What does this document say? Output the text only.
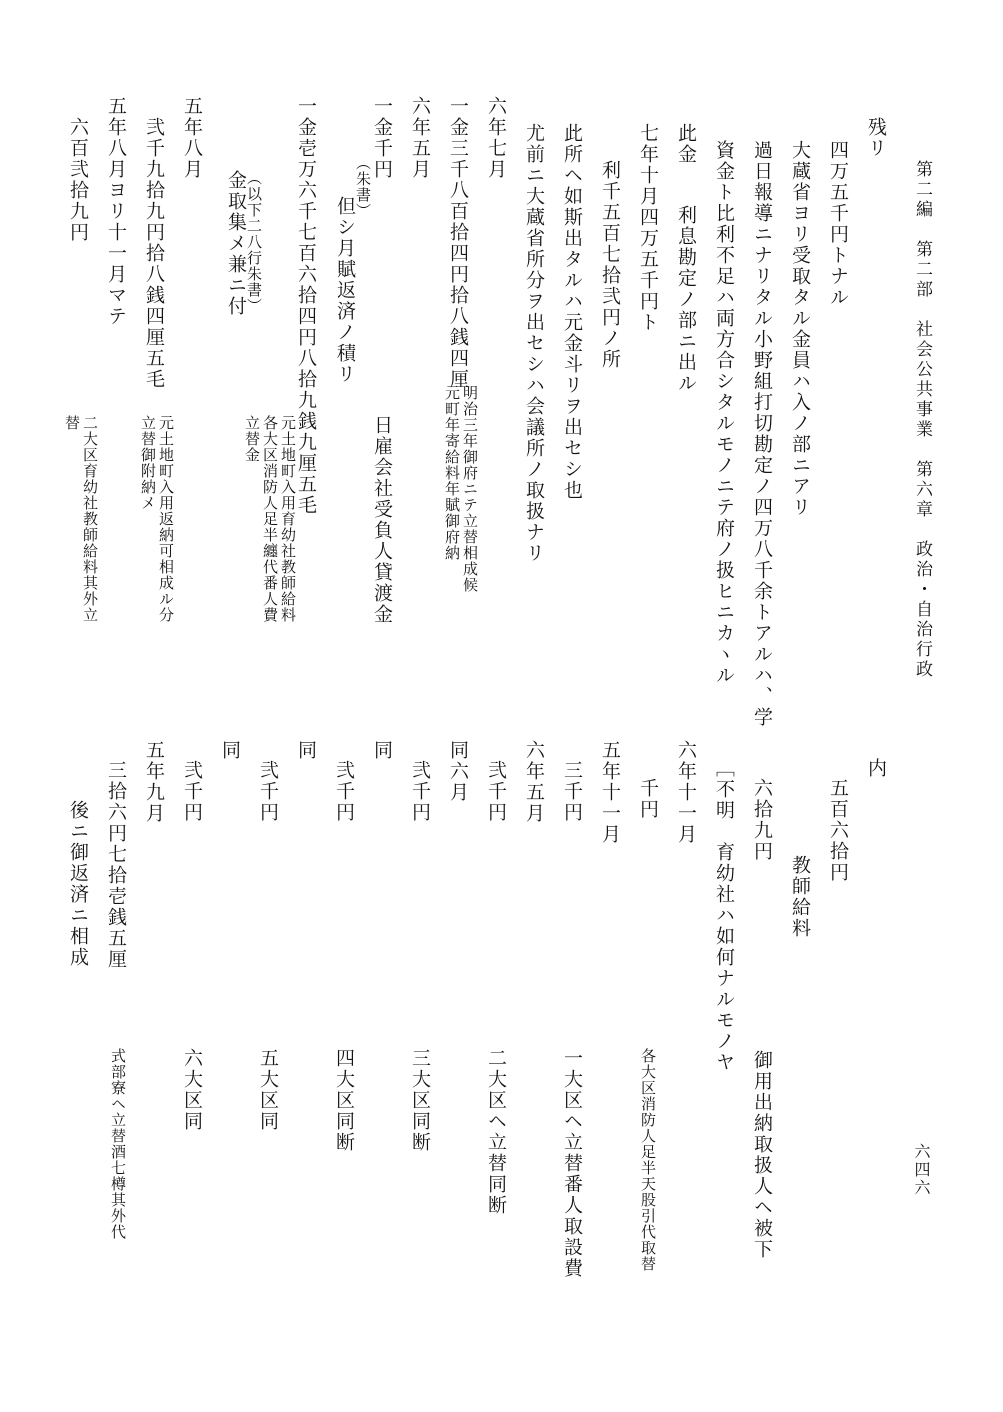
第二編　第二部　社会公共事業　第六章　政治・自治行政
六四六
残リ
四万五千円トナル
大蔵省ヨリ受取タル金員ハ入ノ部ニアリ
過日報導ニナリタル小野組打切勘定ノ四万八千余トアルハ、学
資金ト比利不足ハ両方合シタルモノニテ府ノ扱ヒニカヽル
此金
利息勘定ノ部ニ出ル
七年十月四万五千円ト
利千五百七拾弐円ノ所
此所ヘ如斯出タルハ元金斗リヲ出セシ也
尤前ニ大蔵省所分ヲ出セシハ会議所ノ取扱ナリ
六年七月
一金三千八百拾四円拾八銭四厘
明治三年御府ニテ立替相成候
元町年寄給料年賦御府納
六年五月
一金千円
日雇会社受負人貸渡金
（朱書）
但シ月賦返済ノ積リ
一金壱万六千七百六拾四円八拾九銭九厘五毛
元土地町入用育幼社教師給料
各大区消防人足半纏代番人費
立替金
（以下二八行朱書）
金取集メ兼ニ付
五年八月
弐千九拾九円拾八銭四厘五毛
元土地町入用返納可相成ル分
立替御附納メ
五年八月ヨリ十一月マテ
六百弐拾九円
二大区育幼社教師給料其外立
替
内
五百六拾円
教師給料
六拾九円
御用出納取扱人ヘ被下
［不明　育幼社ハ如何ナルモノヤ
六年十一月
千円
各大区消防人足半天股引代取替
五年十一月
三千円
一大区ヘ立替番人取設費
六年五月
弐千円
二大区ヘ立替同断
同六月
弐千円
三大区同断
同
弐千円
四大区同断
同
弐千円
五大区同
同
弐千円
六大区同
五年九月
三拾六円七拾壱銭五厘
式部寮ヘ立替酒七樽其外代
後ニ御返済ニ相成
